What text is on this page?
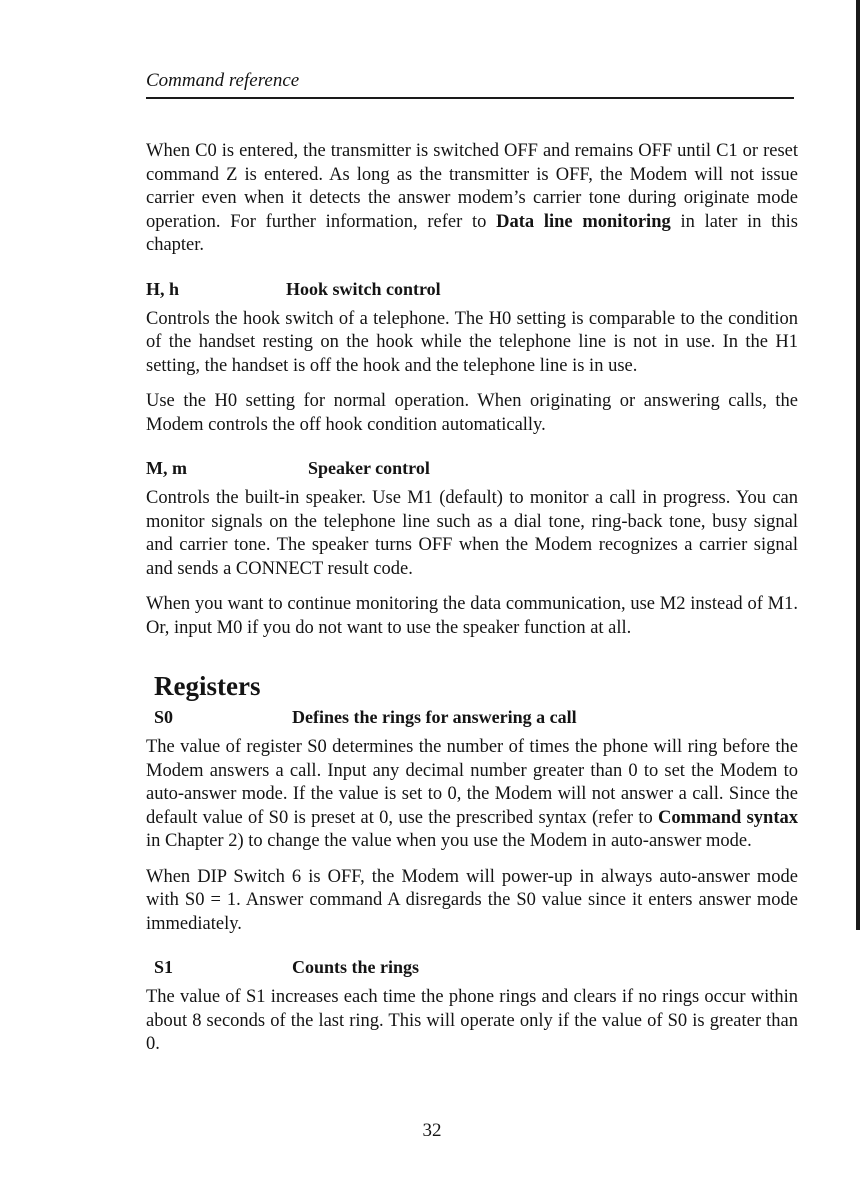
Command reference

When C0 is entered, the transmitter is switched OFF and remains OFF until C1 or reset command Z is entered. As long as the transmitter is OFF, the Modem will not issue carrier even when it detects the answer modem’s carrier tone during originate mode operation. For further information, refer to Data line monitoring in later in this chapter.

H, h	Hook switch control

Controls the hook switch of a telephone. The H0 setting is comparable to the condition of the handset resting on the hook while the telephone line is not in use. In the H1 setting, the handset is off the hook and the telephone line is in use.

Use the H0 setting for normal operation. When originating or answering calls, the Modem controls the off hook condition automatically.

M, m	Speaker control

Controls the built-in speaker. Use M1 (default) to monitor a call in progress. You can monitor signals on the telephone line such as a dial tone, ring-back tone, busy signal and carrier tone. The speaker turns OFF when the Modem recognizes a carrier signal and sends a CONNECT result code.

When you want to continue monitoring the data communication, use M2 instead of M1. Or, input M0 if you do not want to use the speaker function at all.

Registers
S0	Defines the rings for answering a call

The value of register S0 determines the number of times the phone will ring before the Modem answers a call. Input any decimal number greater than 0 to set the Modem to auto-answer mode. If the value is set to 0, the Modem will not answer a call. Since the default value of S0 is preset at 0, use the prescribed syntax (refer to Command syntax in Chapter 2) to change the value when you use the Modem in auto-answer mode.

When DIP Switch 6 is OFF, the Modem will power-up in always auto-answer mode with S0 = 1. Answer command A disregards the S0 value since it enters answer mode immediately.

S1	Counts the rings

The value of S1 increases each time the phone rings and clears if no rings occur within about 8 seconds of the last ring. This will operate only if the value of S0 is greater than 0.

32
